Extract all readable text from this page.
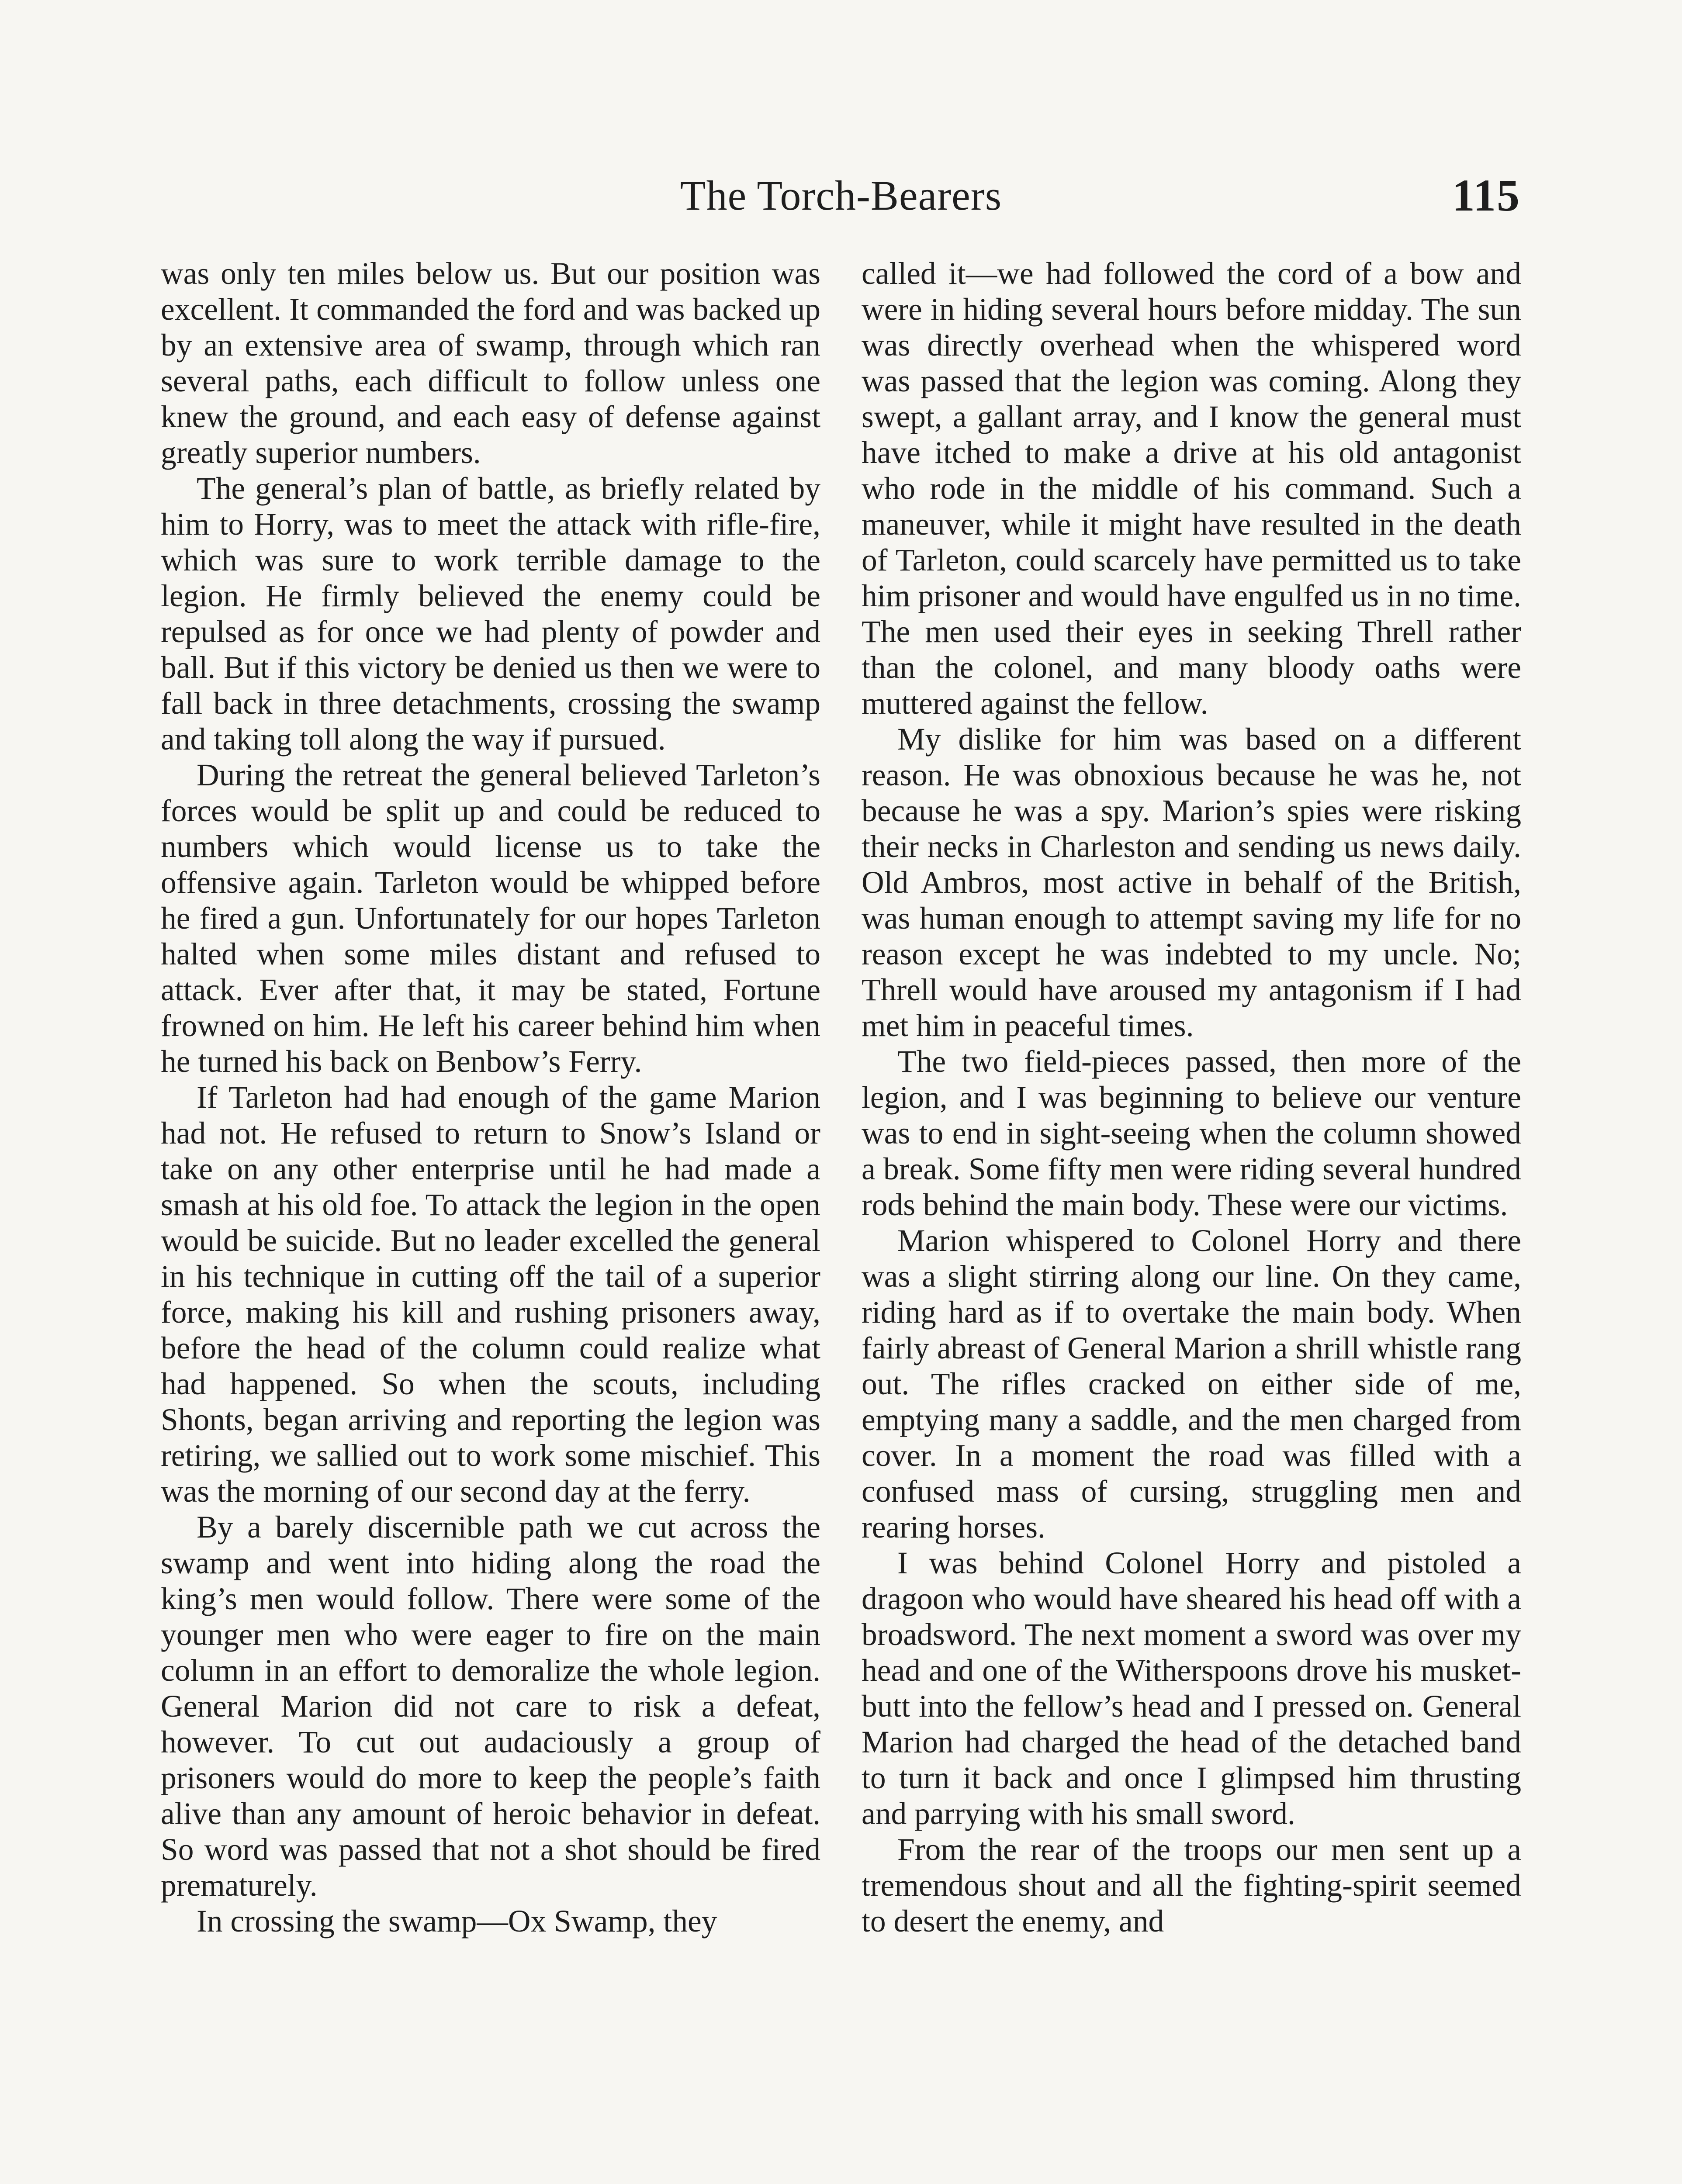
The Torch-Bearers	115

was only ten miles below us. But our position was excellent. It commanded the ford and was backed up by an extensive area of swamp, through which ran several paths, each difficult to follow unless one knew the ground, and each easy of defense against greatly superior numbers.

The general’s plan of battle, as briefly related by him to Horry, was to meet the attack with rifle-fire, which was sure to work terrible damage to the legion. He firmly believed the enemy could be repulsed as for once we had plenty of powder and ball. But if this victory be denied us then we were to fall back in three detachments, crossing the swamp and taking toll along the way if pursued.

During the retreat the general believed Tarleton’s forces would be split up and could be reduced to numbers which would license us to take the offensive again. Tarleton would be whipped before he fired a gun. Unfortunately for our hopes Tarleton halted when some miles distant and refused to attack. Ever after that, it may be stated, Fortune frowned on him. He left his career behind him when he turned his back on Benbow’s Ferry.

If Tarleton had had enough of the game Marion had not. He refused to return to Snow’s Island or take on any other enterprise until he had made a smash at his old foe. To attack the legion in the open would be suicide. But no leader excelled the general in his technique in cutting off the tail of a superior force, making his kill and rushing prisoners away, before the head of the column could realize what had happened. So when the scouts, including Shonts, began arriving and reporting the legion was retiring, we sallied out to work some mischief. This was the morning of our second day at the ferry.

By a barely discernible path we cut across the swamp and went into hiding along the road the king’s men would follow. There were some of the younger men who were eager to fire on the main column in an effort to demoralize the whole legion. General Marion did not care to risk a defeat, however. To cut out audaciously a group of prisoners would do more to keep the people’s faith alive than any amount of heroic behavior in defeat. So word was passed that not a shot should be fired prematurely.

In crossing the swamp—Ox Swamp, they

called it—we had followed the cord of a bow and were in hiding several hours before midday. The sun was directly overhead when the whispered word was passed that the legion was coming. Along they swept, a gallant array, and I know the general must have itched to make a drive at his old antagonist who rode in the middle of his command. Such a maneuver, while it might have resulted in the death of Tarleton, could scarcely have permitted us to take him prisoner and would have engulfed us in no time. The men used their eyes in seeking Threll rather than the colonel, and many bloody oaths were muttered against the fellow.

My dislike for him was based on a different reason. He was obnoxious because he was he, not because he was a spy. Marion’s spies were risking their necks in Charleston and sending us news daily. Old Ambros, most active in behalf of the British, was human enough to attempt saving my life for no reason except he was indebted to my uncle. No; Threll would have aroused my antagonism if I had met him in peaceful times.

The two field-pieces passed, then more of the legion, and I was beginning to believe our venture was to end in sight-seeing when the column showed a break. Some fifty men were riding several hundred rods behind the main body. These were our victims.

Marion whispered to Colonel Horry and there was a slight stirring along our line. On they came, riding hard as if to overtake the main body. When fairly abreast of General Marion a shrill whistle rang out. The rifles cracked on either side of me, emptying many a saddle, and the men charged from cover. In a moment the road was filled with a confused mass of cursing, struggling men and rearing horses.

I was behind Colonel Horry and pistoled a dragoon who would have sheared his head off with a broadsword. The next moment a sword was over my head and one of the Witherspoons drove his musket-butt into the fellow’s head and I pressed on. General Marion had charged the head of the detached band to turn it back and once I glimpsed him thrusting and parrying with his small sword.

From the rear of the troops our men sent up a tremendous shout and all the fighting-spirit seemed to desert the enemy, and
